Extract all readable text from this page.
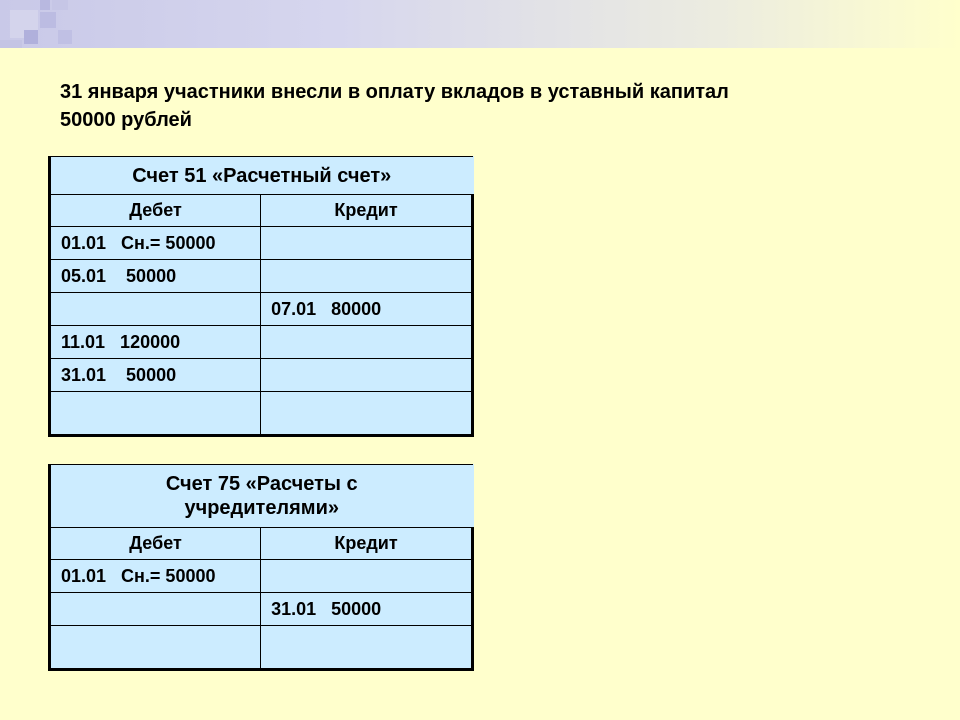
31 января участники внесли в оплату вкладов в уставный капитал
50000 рублей
Счет 51 «Расчетный счет»	
Дебет	Кредит
01.01   Сн.= 50000	
05.01    50000	
	07.01   80000
11.01   120000	
31.01    50000	

Счет 75 «Расчеты с
учредителями»	

Дебет	Кредит
01.01   Сн.= 50000	
	31.01   50000
